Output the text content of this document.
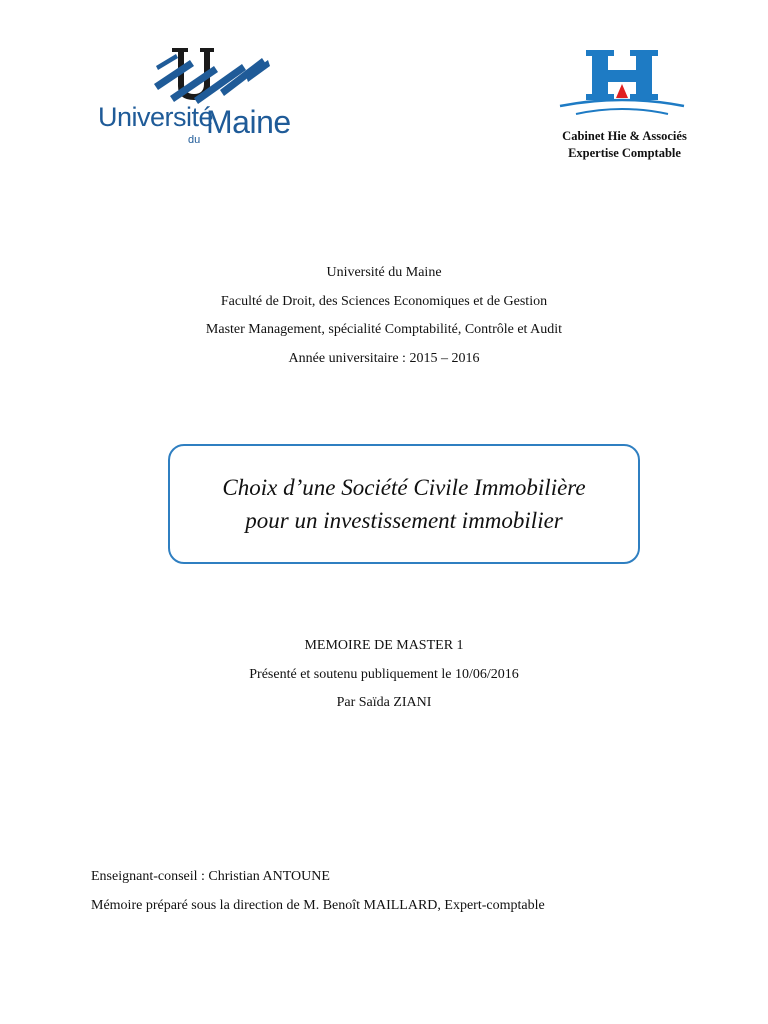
Université
du Maine	Cabinet Hie & Associés
Expertise Comptable
Université du Maine
Faculté de Droit, des Sciences Economiques et de Gestion
Master Management, spécialité Comptabilité, Contrôle et Audit
Année universitaire : 2015 – 2016
Choix d’une Société Civile Immobilière
pour un investissement immobilier
MEMOIRE DE MASTER 1
Présenté et soutenu publiquement le 10/06/2016
Par Saïda ZIANI
Enseignant-conseil : Christian ANTOUNE
Mémoire préparé sous la direction de M. Benoît MAILLARD, Expert-comptable
